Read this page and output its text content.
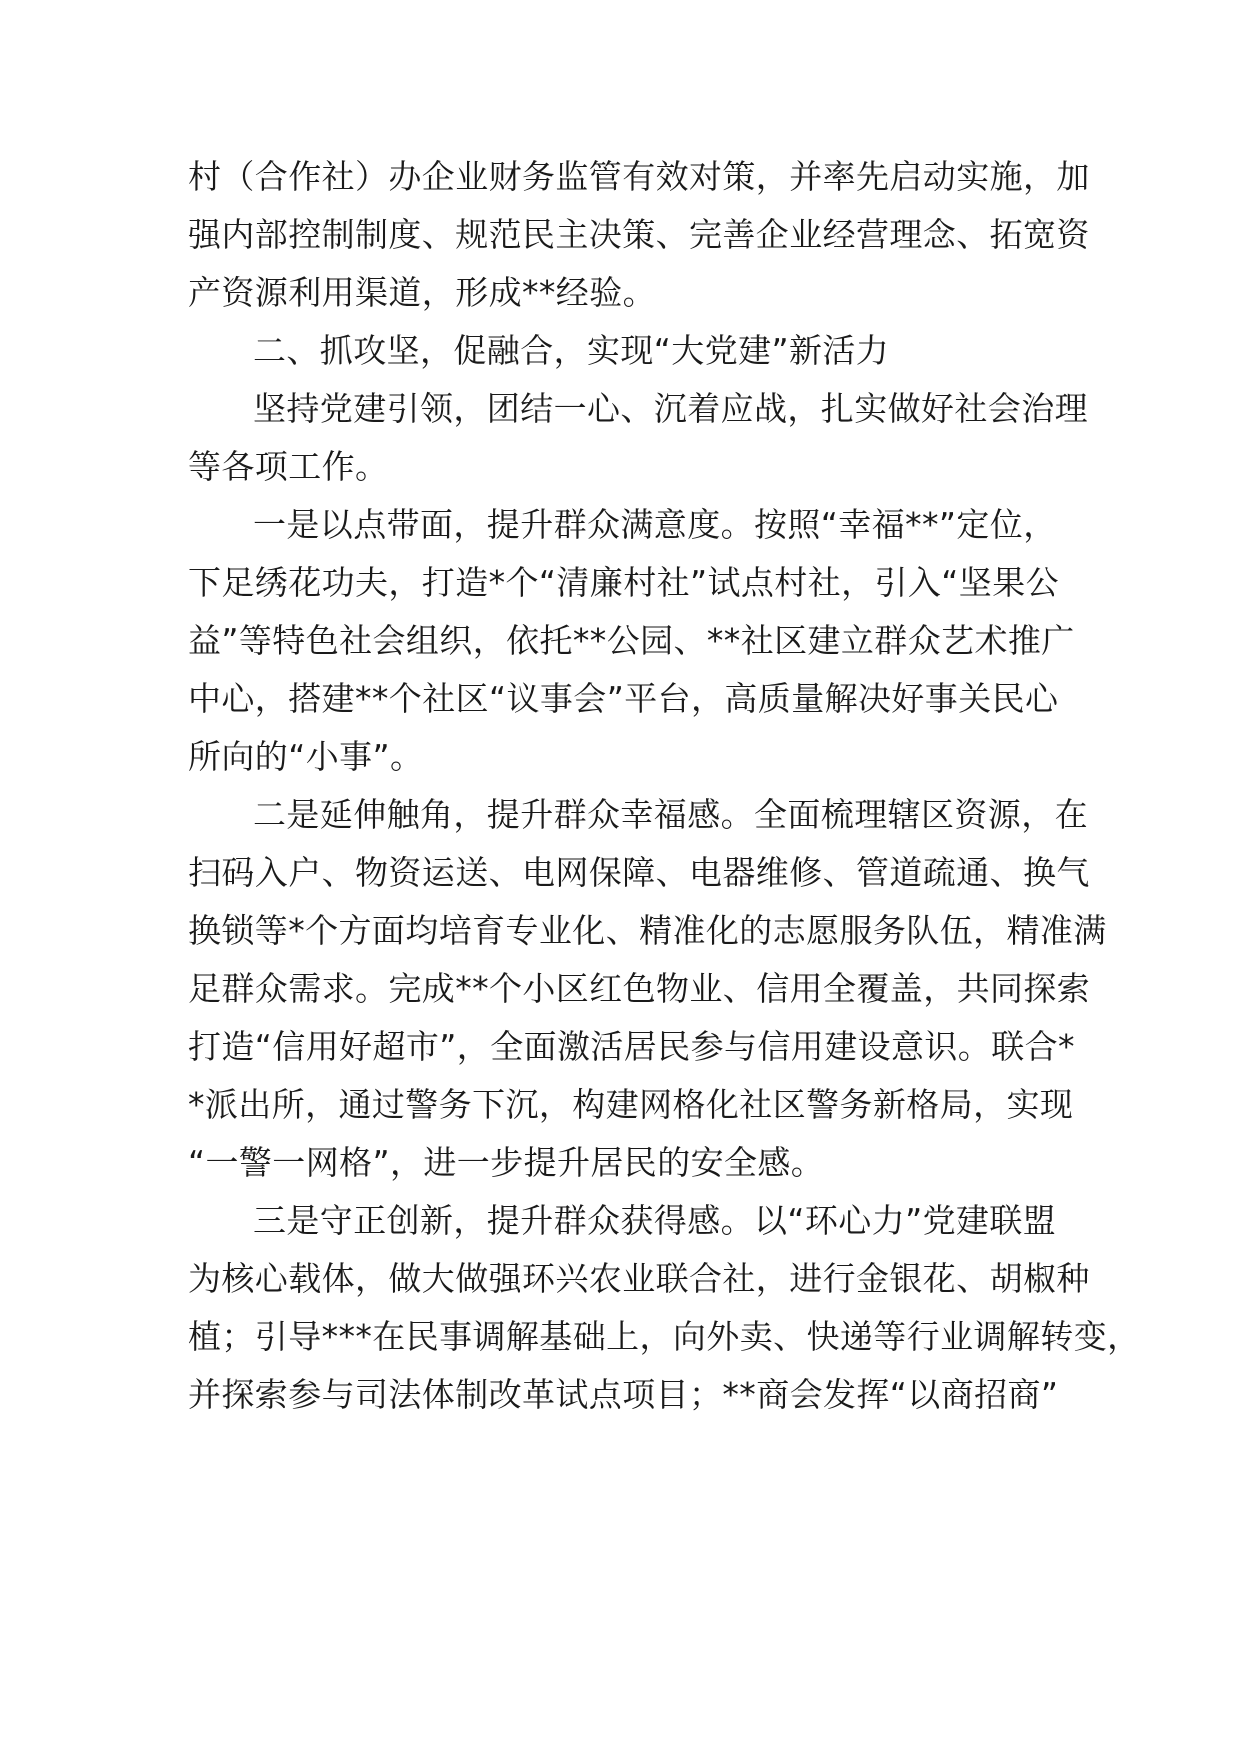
村（合作社）办企业财务监管有效对策，并率先启动实施，加
强内部控制制度、规范民主决策、完善企业经营理念、拓宽资
产资源利用渠道，形成**经验。
二、抓攻坚，促融合，实现“大党建”新活力
坚持党建引领，团结一心、沉着应战，扎实做好社会治理
等各项工作。
一是以点带面，提升群众满意度。按照“幸福**”定位，
下足绣花功夫，打造*个“清廉村社”试点村社，引入“坚果公
益”等特色社会组织，依托**公园、**社区建立群众艺术推广
中心，搭建**个社区“议事会”平台，高质量解决好事关民心
所向的“小事”。
二是延伸触角，提升群众幸福感。全面梳理辖区资源，在
扫码入户、物资运送、电网保障、电器维修、管道疏通、换气
换锁等*个方面均培育专业化、精准化的志愿服务队伍，精准满
足群众需求。完成**个小区红色物业、信用全覆盖，共同探索
打造“信用好超市”，全面激活居民参与信用建设意识。联合*
*派出所，通过警务下沉，构建网格化社区警务新格局，实现
“一警一网格”，进一步提升居民的安全感。
三是守正创新，提升群众获得感。以“环心力”党建联盟
为核心载体，做大做强环兴农业联合社，进行金银花、胡椒种
植；引导***在民事调解基础上，向外卖、快递等行业调解转变，
并探索参与司法体制改革试点项目；**商会发挥“以商招商”
